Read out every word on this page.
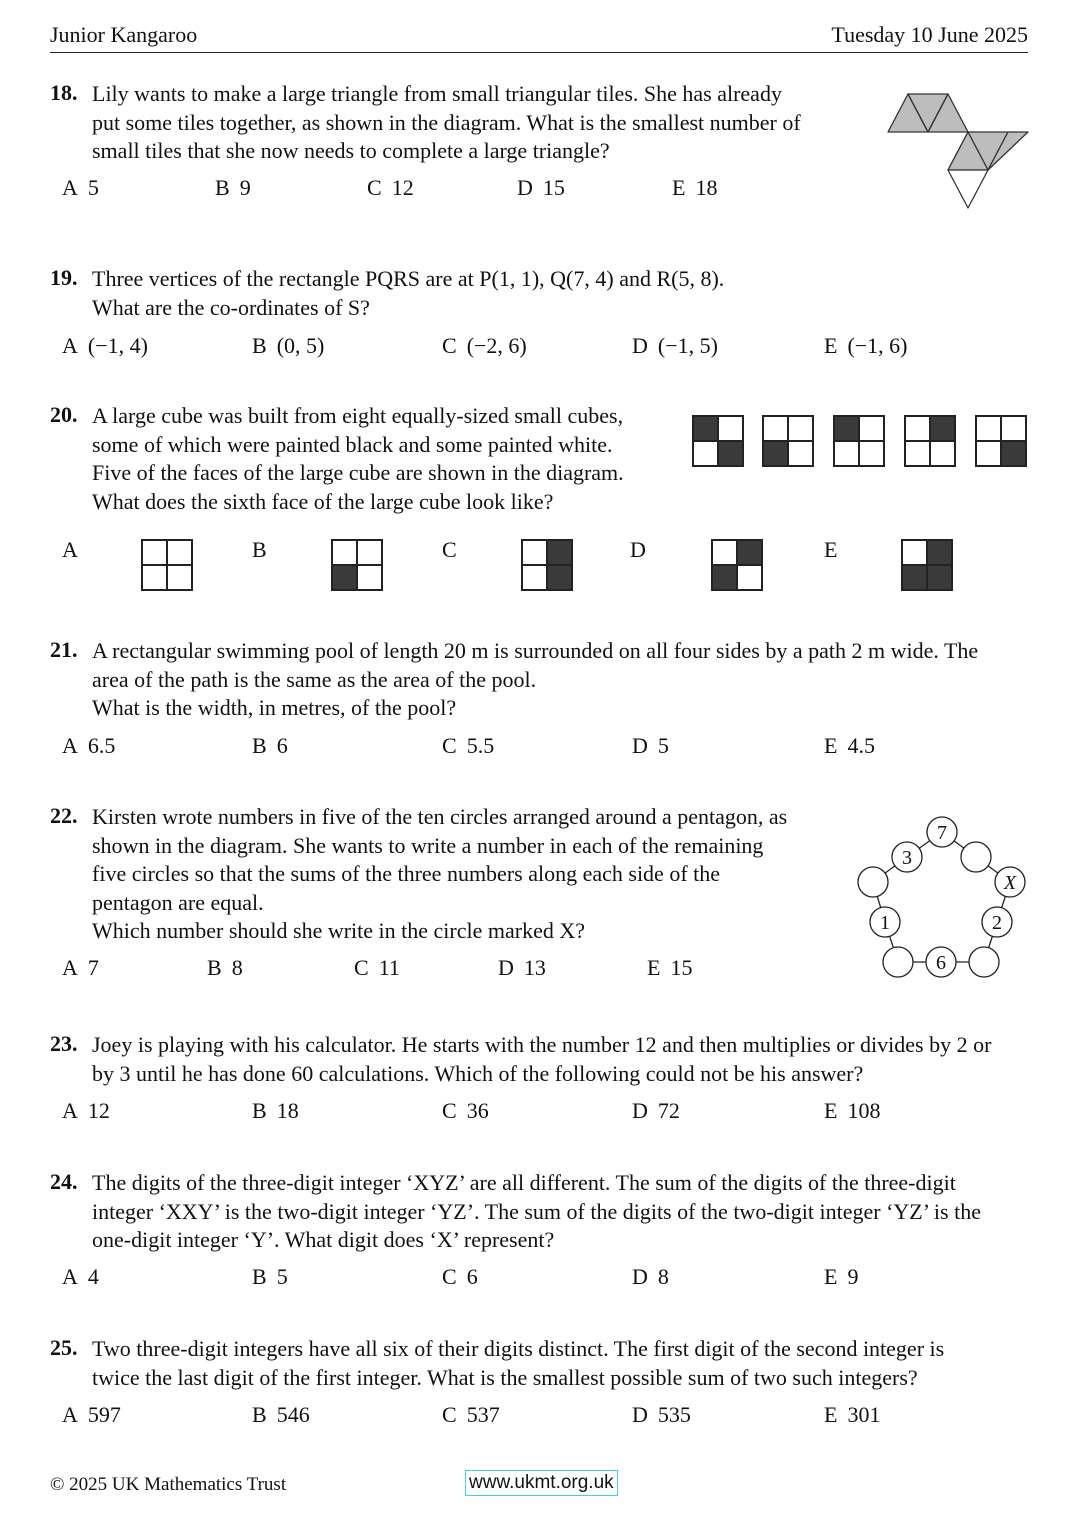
Junior Kangaroo	Tuesday 10 June 2025
18. Lily wants to make a large triangle from small triangular tiles. She has already
put some tiles together, as shown in the diagram. What is the smallest number of
small tiles that she now needs to complete a large triangle?
A 5	B 9	C 12	D 15	E 18
19. Three vertices of the rectangle PQRS are at P(1, 1), Q(7, 4) and R(5, 8).
What are the co-ordinates of S?
A (−1, 4)	B (0, 5)	C (−2, 6)	D (−1, 5)	E (−1, 6)
20. A large cube was built from eight equally-sized small cubes,
some of which were painted black and some painted white.
Five of the faces of the large cube are shown in the diagram.
What does the sixth face of the large cube look like?
A	B	C	D	E
21. A rectangular swimming pool of length 20 m is surrounded on all four sides by a path 2 m wide. The
area of the path is the same as the area of the pool.
What is the width, in metres, of the pool?
A 6.5	B 6	C 5.5	D 5	E 4.5
22. Kirsten wrote numbers in five of the ten circles arranged around a pentagon, as
shown in the diagram. She wants to write a number in each of the remaining
five circles so that the sums of the three numbers along each side of the
pentagon are equal.
Which number should she write in the circle marked X?
A 7	B 8	C 11	D 13	E 15
7
3
X
1	2
6
23. Joey is playing with his calculator. He starts with the number 12 and then multiplies or divides by 2 or
by 3 until he has done 60 calculations. Which of the following could not be his answer?
A 12	B 18	C 36	D 72	E 108
24. The digits of the three-digit integer ‘XYZ’ are all different. The sum of the digits of the three-digit
integer ‘XXY’ is the two-digit integer ‘YZ’. The sum of the digits of the two-digit integer ‘YZ’ is the
one-digit integer ‘Y’. What digit does ‘X’ represent?
A 4	B 5	C 6	D 8	E 9
25. Two three-digit integers have all six of their digits distinct. The first digit of the second integer is
twice the last digit of the first integer. What is the smallest possible sum of two such integers?
A 597	B 546	C 537	D 535	E 301
© 2025 UK Mathematics Trust	www.ukmt.org.uk
